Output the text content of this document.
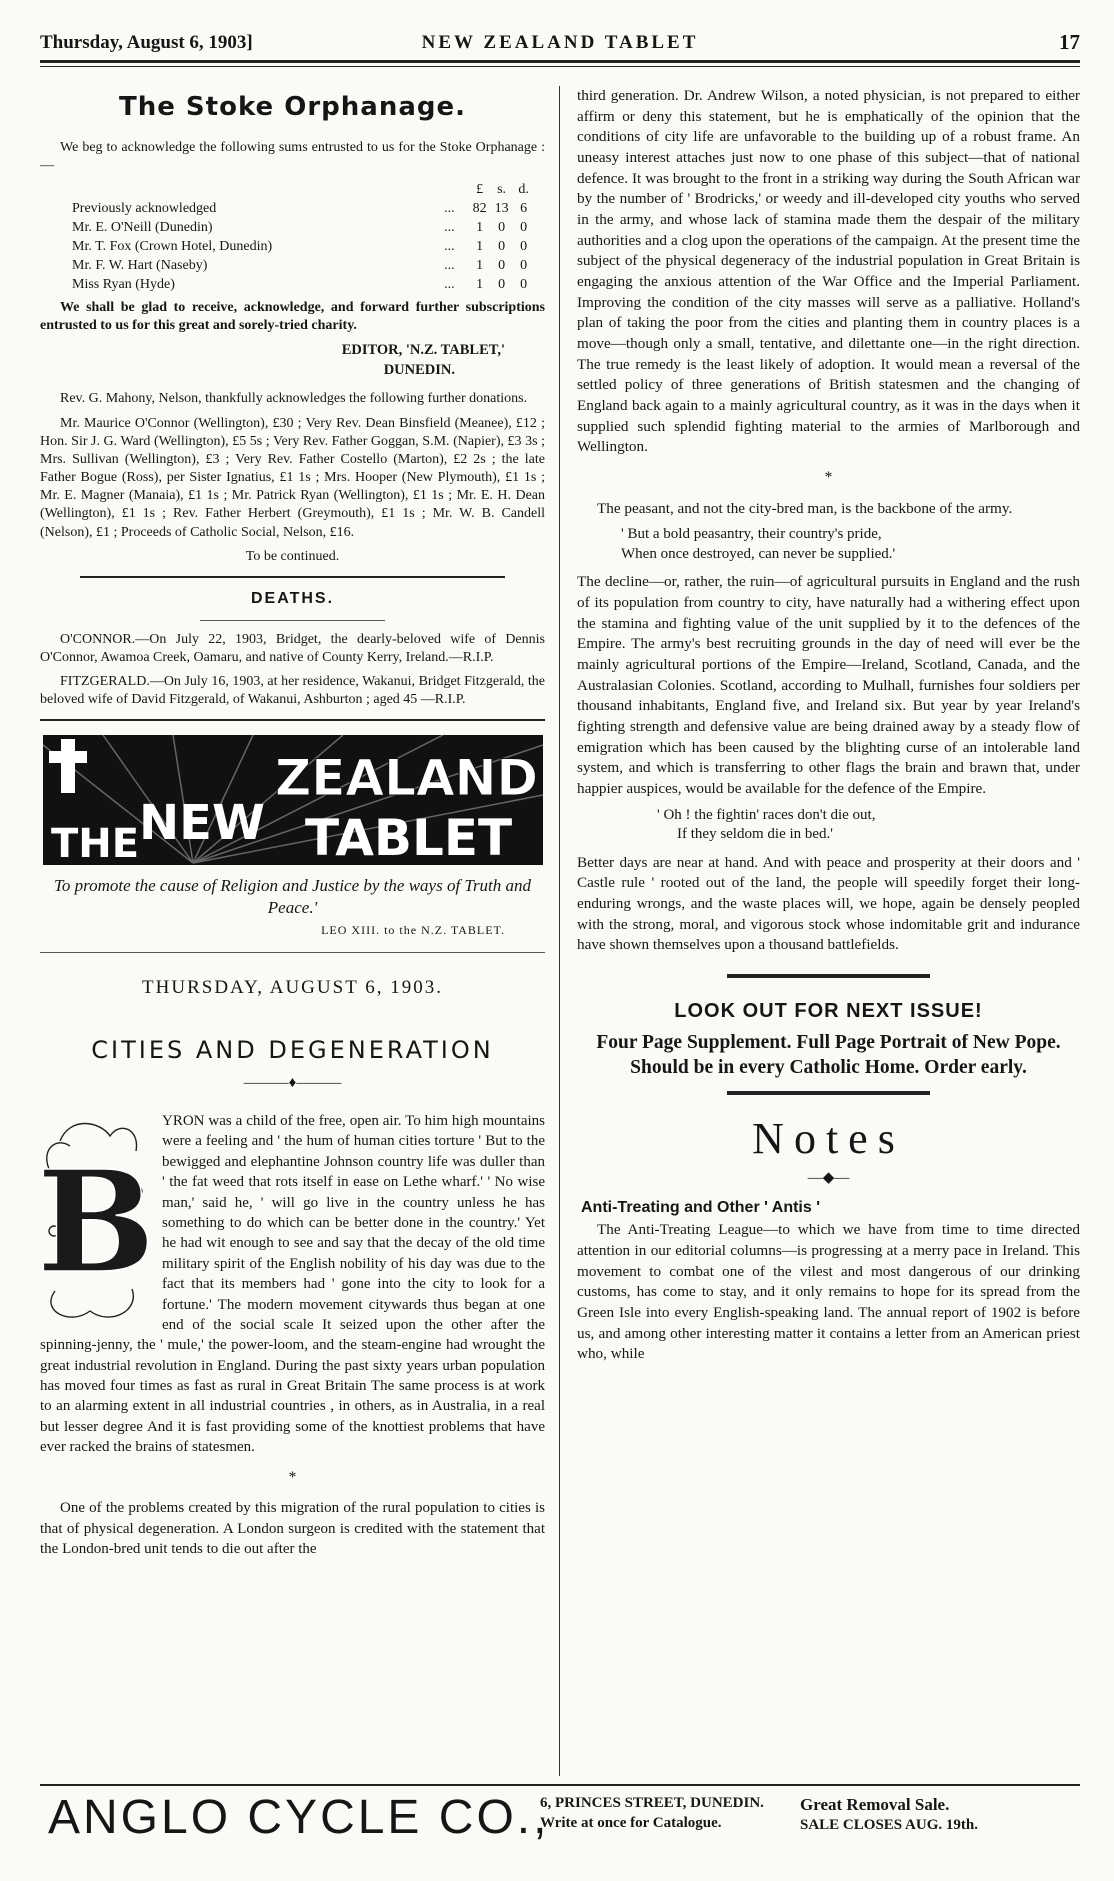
Thursday, August 6, 1903]	NEW ZEALAND TABLET	17
The Stoke Orphanage.

We beg to acknowledge the following sums entrusted to us for the Stoke Orphanage :—

		£	s.	d.
Previously acknowledged	...	82	13	6
Mr. E. O'Neill (Dunedin)	...	1	0	0
Mr. T. Fox (Crown Hotel, Dunedin)	...	1	0	0
Mr. F. W. Hart (Naseby)	...	1	0	0
Miss Ryan (Hyde)	...	1	0	0

We shall be glad to receive, acknowledge, and forward further subscriptions entrusted to us for this great and sorely-tried charity.

EDITOR, 'N.Z. TABLET,'
DUNEDIN.

Rev. G. Mahony, Nelson, thankfully acknowledges the following further donations.

Mr. Maurice O'Connor (Wellington), £30 ; Very Rev. Dean Binsfield (Meanee), £12 ; Hon. Sir J. G. Ward (Wellington), £5 5s ; Very Rev. Father Goggan, S.M. (Napier), £3 3s ; Mrs. Sullivan (Wellington), £3 ; Very Rev. Father Costello (Marton), £2 2s ; the late Father Bogue (Ross), per Sister Ignatius, £1 1s ; Mrs. Hooper (New Plymouth), £1 1s ; Mr. E. Magner (Manaia), £1 1s ; Mr. Patrick Ryan (Wellington), £1 1s ; Mr. E. H. Dean (Wellington), £1 1s ; Rev. Father Herbert (Greymouth), £1 1s ; Mr. W. B. Candell (Nelson), £1 ; Proceeds of Catholic Social, Nelson, £16.

To be continued.
DEATHS.

O'CONNOR.—On July 22, 1903, Bridget, the dearly-beloved wife of Dennis O'Connor, Awamoa Creek, Oamaru, and native of County Kerry, Ireland.—R.I.P.

FITZGERALD.—On July 16, 1903, at her residence, Wakanui, Bridget Fitzgerald, the beloved wife of David Fitzgerald, of Wakanui, Ashburton ; aged 45 —R.I.P.

THE NEW
ZEALAND
TABLET
To promote the cause of Religion and Justice by the ways of Truth and Peace.'
LEO XIII. to the N.Z. TABLET.
THURSDAY, AUGUST 6, 1903.
CITIES AND DEGENERATION
———♦———
B

YRON was a child of the free, open air. To him high mountains were a feeling and ' the hum of human cities torture ' But to the bewigged and elephantine Johnson country life was duller than ' the fat weed that rots itself in ease on Lethe wharf.' ' No wise man,' said he, ' will go live in the country unless he has something to do which can be better done in the country.' Yet he had wit enough to see and say that the decay of the old time military spirit of the English nobility of his day was due to the fact that its members had ' gone into the city to look for a fortune.' The modern movement citywards thus began at one end of the social scale It seized upon the other after the spinning-jenny, the ' mule,' the power-loom, and the steam-engine had wrought the great industrial revolution in England. During the past sixty years urban population has moved four times as fast as rural in Great Britain The same process is at work to an alarming extent in all industrial countries , in others, as in Australia, in a real but lesser degree And it is fast providing some of the knottiest problems that have ever racked the brains of statesmen.

*

One of the problems created by this migration of the rural population to cities is that of physical degeneration. A London surgeon is credited with the statement that the London-bred unit tends to die out after the

third generation. Dr. Andrew Wilson, a noted physician, is not prepared to either affirm or deny this statement, but he is emphatically of the opinion that the conditions of city life are unfavorable to the building up of a robust frame. An uneasy interest attaches just now to one phase of this subject—that of national defence. It was brought to the front in a striking way during the South African war by the number of ' Brodricks,' or weedy and ill-developed city youths who served in the army, and whose lack of stamina made them the despair of the military authorities and a clog upon the operations of the campaign. At the present time the subject of the physical degeneracy of the industrial population in Great Britain is engaging the anxious attention of the War Office and the Imperial Parliament. Improving the condition of the city masses will serve as a palliative. Holland's plan of taking the poor from the cities and planting them in country places is a move—though only a small, tentative, and dilettante one—in the right direction. The true remedy is the least likely of adoption. It would mean a reversal of the settled policy of three generations of British statesmen and the changing of England back again to a mainly agricultural country, as it was in the days when it supplied such splendid fighting material to the armies of Marlborough and Wellington.

*

The peasant, and not the city-bred man, is the backbone of the army.

' But a bold peasantry, their country's pride,
When once destroyed, can never be supplied.'

The decline—or, rather, the ruin—of agricultural pursuits in England and the rush of its population from country to city, have naturally had a withering effect upon the stamina and fighting value of the unit supplied by it to the defences of the Empire. The army's best recruiting grounds in the day of need will ever be the mainly agricultural portions of the Empire—Ireland, Scotland, Canada, and the Australasian Colonies. Scotland, according to Mulhall, furnishes four soldiers per thousand inhabitants, England five, and Ireland six. But year by year Ireland's fighting strength and defensive value are being drained away by a steady flow of emigration which has been caused by the blighting curse of an intolerable land system, and which is transferring to other flags the brain and brawn that, under happier auspices, would be available for the defence of the Empire.

' Oh ! the fightin' races don't die out,
If they seldom die in bed.'

Better days are near at hand. And with peace and prosperity at their doors and ' Castle rule ' rooted out of the land, the people will speedily forget their long-enduring wrongs, and the waste places will, we hope, again be densely peopled with the strong, moral, and vigorous stock whose indomitable grit and indurance have shown themselves upon a thousand battlefields.

LOOK OUT FOR NEXT ISSUE!
Four Page Supplement. Full Page Portrait of New Pope. Should be in every Catholic Home. Order early.
Notes
—◆—
Anti-Treating and Other ' Antis '

The Anti-Treating League—to which we have from time to time directed attention in our editorial columns—is progressing at a merry pace in Ireland. This movement to combat one of the vilest and most dangerous of our drinking customs, has come to stay, and it only remains to hope for its spread from the Green Isle into every English-speaking land. The annual report of 1902 is before us, and among other interesting matter it contains a letter from an American priest who, while

ANGLO CYCLE CO.,
6, PRINCES STREET, DUNEDIN.
Write at once for Catalogue.
Great Removal Sale.
SALE CLOSES AUG. 19th.
